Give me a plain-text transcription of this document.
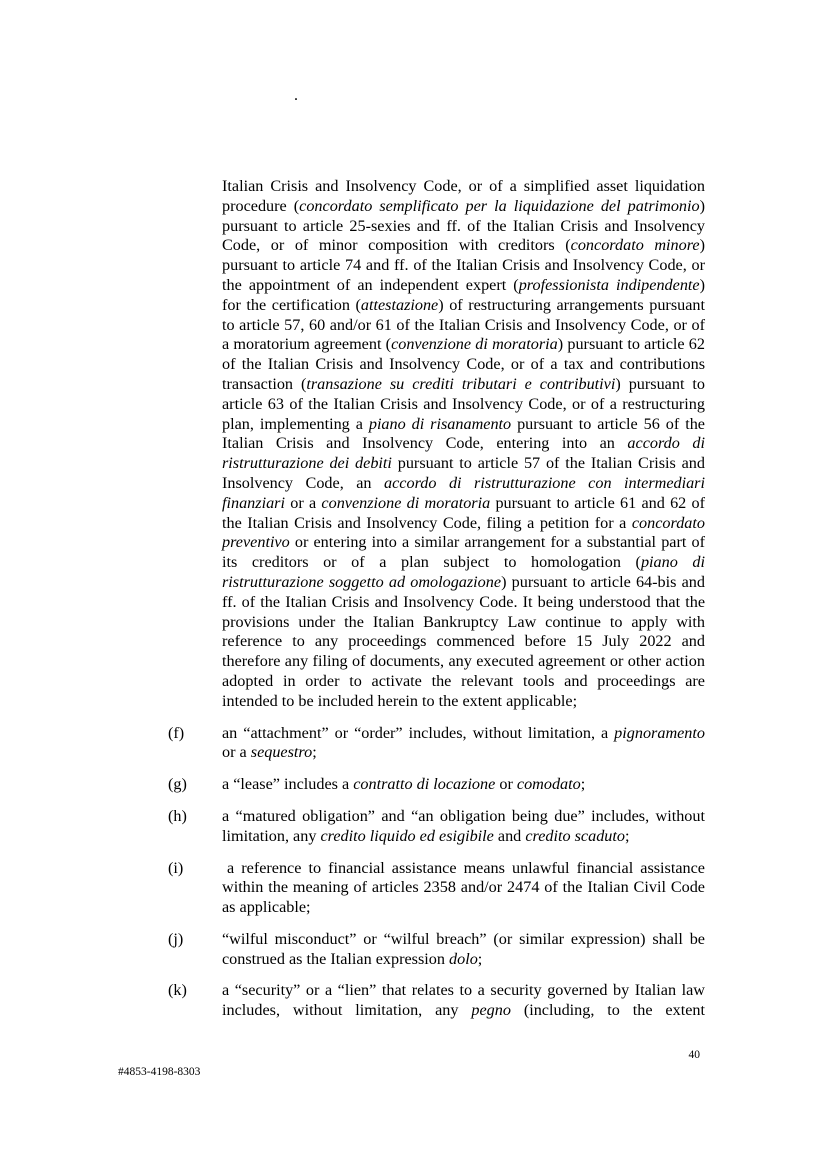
.

Italian Crisis and Insolvency Code, or of a simplified asset liquidation procedure (concordato semplificato per la liquidazione del patrimonio) pursuant to article 25-sexies and ff. of the Italian Crisis and Insolvency Code, or of minor composition with creditors (concordato minore) pursuant to article 74 and ff. of the Italian Crisis and Insolvency Code, or the appointment of an independent expert (professionista indipendente) for the certification (attestazione) of restructuring arrangements pursuant to article 57, 60 and/or 61 of the Italian Crisis and Insolvency Code, or of a moratorium agreement (convenzione di moratoria) pursuant to article 62 of the Italian Crisis and Insolvency Code, or of a tax and contributions transaction (transazione su crediti tributari e contributivi) pursuant to article 63 of the Italian Crisis and Insolvency Code, or of a restructuring plan, implementing a piano di risanamento pursuant to article 56 of the Italian Crisis and Insolvency Code, entering into an accordo di ristrutturazione dei debiti pursuant to article 57 of the Italian Crisis and Insolvency Code, an accordo di ristrutturazione con intermediari finanziari or a convenzione di moratoria pursuant to article 61 and 62 of the Italian Crisis and Insolvency Code, filing a petition for a concordato preventivo or entering into a similar arrangement for a substantial part of its creditors or of a plan subject to homologation (piano di ristrutturazione soggetto ad omologazione) pursuant to article 64-bis and ff. of the Italian Crisis and Insolvency Code. It being understood that the provisions under the Italian Bankruptcy Law continue to apply with reference to any proceedings commenced before 15 July 2022 and therefore any filing of documents, any executed agreement or other action adopted in order to activate the relevant tools and proceedings are intended to be included herein to the extent applicable;

(f) an “attachment” or “order” includes, without limitation, a pignoramento or a sequestro;
(g) a “lease” includes a contratto di locazione or comodato;
(h) a “matured obligation” and “an obligation being due” includes, without limitation, any credito liquido ed esigibile and credito scaduto;
(i)	a reference to financial assistance means unlawful financial assistance within the meaning of articles 2358 and/or 2474 of the Italian Civil Code as applicable;
(j) “wilful misconduct” or “wilful breach” (or similar expression) shall be construed as the Italian expression dolo;
(k) a “security” or a “lien” that relates to a security governed by Italian law includes, without limitation, any pegno (including, to the extent
40
#4853-4198-8303
